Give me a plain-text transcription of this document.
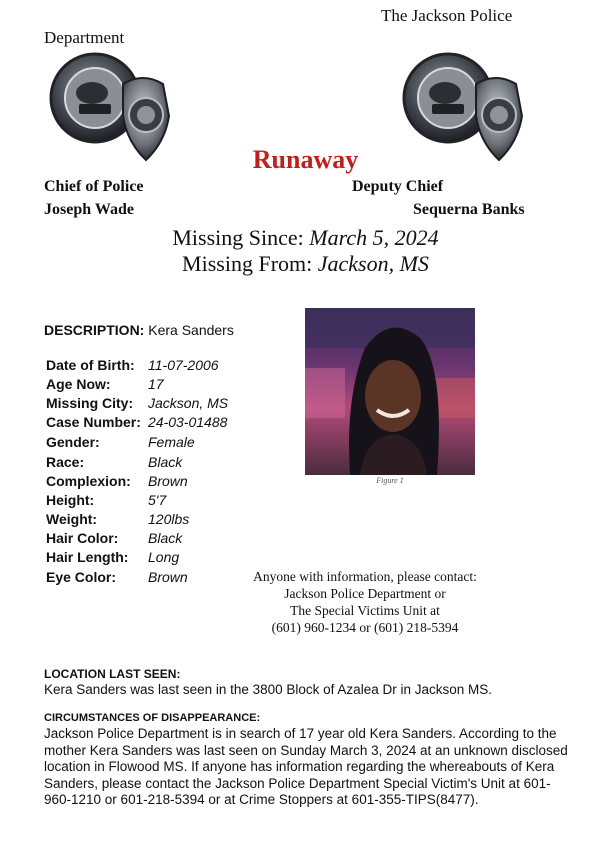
The Jackson Police
Department
Runaway
Chief of Police
Joseph Wade
Deputy Chief
Sequerna Banks
Missing Since: March 5, 2024
Missing From: Jackson, MS
DESCRIPTION: Kera Sanders
Date of Birth: 11-07-2006
Age Now:	17
Missing City: Jackson, MS
Case Number: 24-03-01488
Gender:	Female
Race:	Black
Complexion: Brown
Height:	5'7
Weight:	120lbs
Hair Color: Black
Hair Length: Long
Eye Color: Brown
Figure 1
Anyone with information, please contact:
Jackson Police Department or
The Special Victims Unit at
(601) 960-1234 or (601) 218-5394
LOCATION LAST SEEN:
Kera Sanders was last seen in the 3800 Block of Azalea Dr in Jackson MS.
CIRCUMSTANCES OF DISAPPEARANCE:
Jackson Police Department is in search of 17 year old Kera Sanders. According to the mother Kera Sanders was last seen on Sunday March 3, 2024 at an unknown disclosed location in Flowood MS. If anyone has information regarding the whereabouts of Kera Sanders, please contact the Jackson Police Department Special Victim's Unit at 601-960-1210 or 601-218-5394 or at Crime Stoppers at 601-355-TIPS(8477).
